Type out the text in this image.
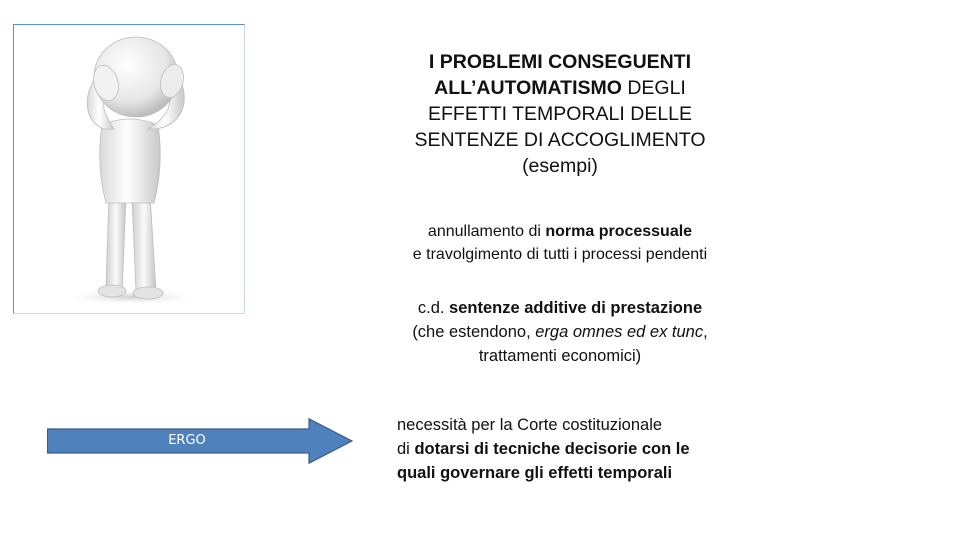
I PROBLEMI CONSEGUENTI
ALL’AUTOMATISMO DEGLI
EFFETTI TEMPORALI DELLE
SENTENZE DI ACCOGLIMENTO
(esempi)
annullamento di norma processuale
e travolgimento di tutti i processi pendenti
c.d. sentenze additive di prestazione
(che estendono, erga omnes ed ex tunc,
trattamenti economici)
ERGO
necessità per la Corte costituzionale
di dotarsi di tecniche decisorie con le
quali governare gli effetti temporali
